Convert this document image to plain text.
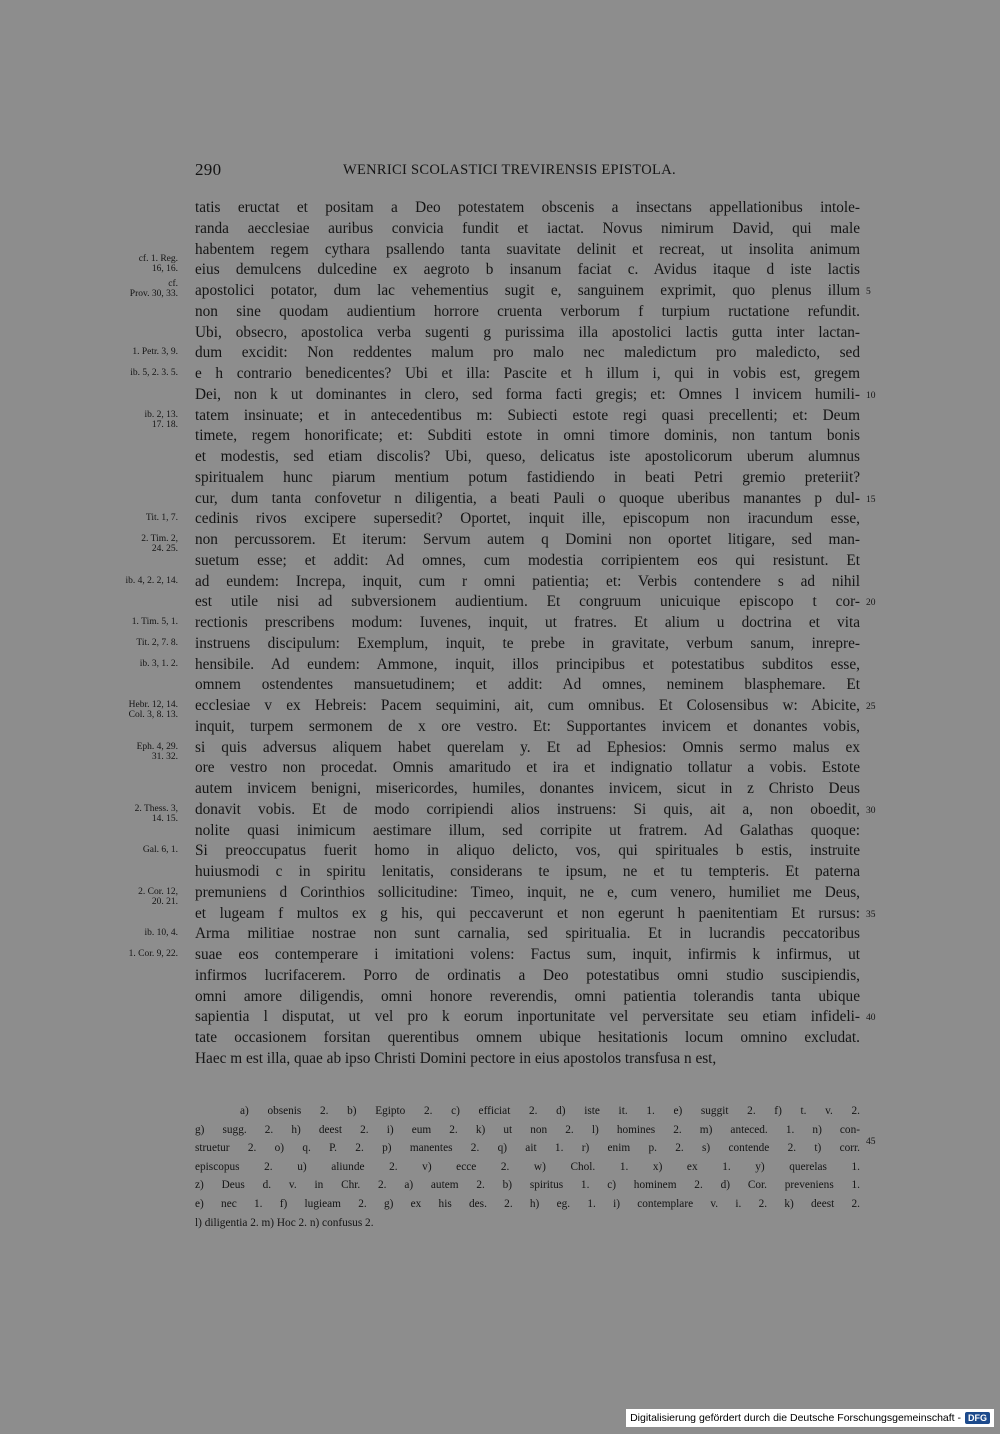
290	WENRICI SCOLASTICI TREVIRENSIS EPISTOLA.
cf. 1. Reg.
16, 16.
cf.
Prov. 30, 33.
1. Petr. 3, 9.
ib. 5, 2. 3. 5.
ib. 2, 13.
17. 18.
Tit. 1, 7.
2. Tim. 2,
24. 25.
ib. 4, 2. 2, 14.
1. Tim. 5, 1.
Tit. 2, 7. 8.
ib. 3, 1. 2.
Hebr. 12, 14.
Col. 3, 8. 13.
Eph. 4, 29.
31. 32.
2. Thess. 3,
14. 15.
Gal. 6, 1.
2. Cor. 12,
20. 21.
ib. 10, 4.
1. Cor. 9, 22.
tatis eructat et positam a Deo potestatem obscenis a insectans appellationibus intole-
randa aecclesiae auribus convicia fundit et iactat. Novus nimirum David, qui male
habentem regem cythara psallendo tanta suavitate delinit et recreat, ut insolita animum
eius demulcens dulcedine ex aegroto b insanum faciat c. Avidus itaque d iste lactis
apostolici potator, dum lac vehementius sugit e, sanguinem exprimit, quo plenus illum
non sine quodam audientium horrore cruenta verborum f turpium ructatione refundit.
Ubi, obsecro, apostolica verba sugenti g purissima illa apostolici lactis gutta inter lactan-
dum excidit: Non reddentes malum pro malo nec maledictum pro maledicto, sed
e h contrario benedicentes? Ubi et illa: Pascite et h illum i, qui in vobis est, gregem
Dei, non k ut dominantes in clero, sed forma facti gregis; et: Omnes l invicem humili-
tatem insinuate; et in antecedentibus m: Subiecti estote regi quasi precellenti; et: Deum
timete, regem honorificate; et: Subditi estote in omni timore dominis, non tantum bonis
et modestis, sed etiam discolis? Ubi, queso, delicatus iste apostolicorum uberum alumnus
spiritualem hunc piarum mentium potum fastidiendo in beati Petri gremio preteriit?
cur, dum tanta confovetur n diligentia, a beati Pauli o quoque uberibus manantes p dul-
cedinis rivos excipere supersedit? Oportet, inquit ille, episcopum non iracundum esse,
non percussorem. Et iterum: Servum autem q Domini non oportet litigare, sed man-
suetum esse; et addit: Ad omnes, cum modestia corripientem eos qui resistunt. Et
ad eundem: Increpa, inquit, cum r omni patientia; et: Verbis contendere s ad nihil
est utile nisi ad subversionem audientium. Et congruum unicuique episcopo t cor-
rectionis prescribens modum: Iuvenes, inquit, ut fratres. Et alium u doctrina et vita
instruens discipulum: Exemplum, inquit, te prebe in gravitate, verbum sanum, inrepre-
hensibile. Ad eundem: Ammone, inquit, illos principibus et potestatibus subditos esse,
omnem ostendentes mansuetudinem; et addit: Ad omnes, neminem blasphemare. Et
ecclesiae v ex Hebreis: Pacem sequimini, ait, cum omnibus. Et Colosensibus w: Abicite,
inquit, turpem sermonem de x ore vestro. Et: Supportantes invicem et donantes vobis,
si quis adversus aliquem habet querelam y. Et ad Ephesios: Omnis sermo malus ex
ore vestro non procedat. Omnis amaritudo et ira et indignatio tollatur a vobis. Estote
autem invicem benigni, misericordes, humiles, donantes invicem, sicut in z Christo Deus
donavit vobis. Et de modo corripiendi alios instruens: Si quis, ait a, non oboedit,
nolite quasi inimicum aestimare illum, sed corripite ut fratrem. Ad Galathas quoque:
Si preoccupatus fuerit homo in aliquo delicto, vos, qui spirituales b estis, instruite
huiusmodi c in spiritu lenitatis, considerans te ipsum, ne et tu tempteris. Et paterna
premuniens d Corinthios sollicitudine: Timeo, inquit, ne e, cum venero, humiliet me Deus,
et lugeam f multos ex g his, qui peccaverunt et non egerunt h paenitentiam Et rursus:
Arma militiae nostrae non sunt carnalia, sed spiritualia. Et in lucrandis peccatoribus
suae eos contemperare i imitationi volens: Factus sum, inquit, infirmis k infirmus, ut
infirmos lucrifacerem. Porro de ordinatis a Deo potestatibus omni studio suscipiendis,
omni amore diligendis, omni honore reverendis, omni patientia tolerandis tanta ubique
sapientia l disputat, ut vel pro k eorum inportunitate vel perversitate seu etiam infideli-
tate occasionem forsitan querentibus omnem ubique hesitationis locum omnino excludat.
Haec m est illa, quae ab ipso Christi Domini pectore in eius apostolos transfusa n est,
5
10
15
20
25
30
35
40
a) obsenis 2. b) Egipto 2. c) efficiat 2. d) iste it. 1. e) suggit 2. f) t. v. 2.
g) sugg. 2. h) deest 2. i) eum 2. k) ut non 2. l) homines 2. m) anteced. 1. n) con-
struetur 2. o) q. P. 2. p) manentes 2. q) ait 1. r) enim p. 2. s) contende 2. t) corr.
episcopus 2. u) aliunde 2. v) ecce 2. w) Chol. 1. x) ex 1. y) querelas 1.
z) Deus d. v. in Chr. 2. a) autem 2. b) spiritus 1. c) hominem 2. d) Cor. preveniens 1.
e) nec 1. f) lugieam 2. g) ex his des. 2. h) eg. 1. i) contemplare v. i. 2. k) deest 2.
l) diligentia 2. m) Hoc 2. n) confusus 2.
45
Digitalisierung gefördert durch die Deutsche Forschungsgemeinschaft - DFG
